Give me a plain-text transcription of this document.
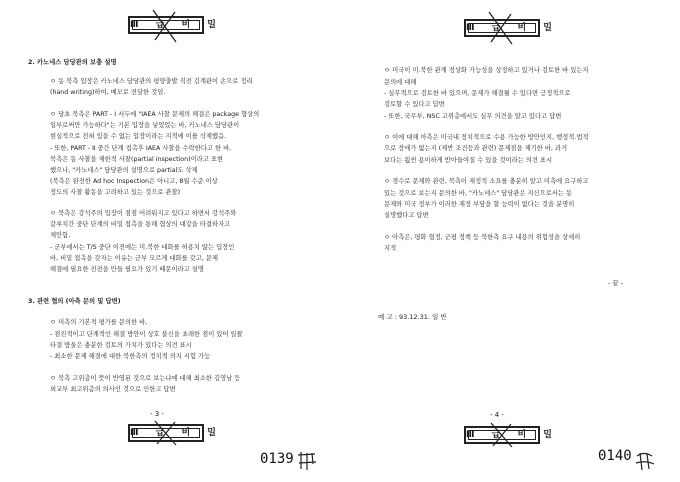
Ⅲ 급 비 밀
2. 카노네스 담당관의 보충 설명
ㅇ 동 북측 입장은 카노네스 담당관의 평양출발 직전 김계관이 손으로 정리
(hand writing)하여, 메모로 전달한 것임.
ㅇ 당초 북측은 PART - Ⅰ 서두에 "IAEA 사찰 문제의 해결은 package 협상의
일부로써만 가능하다"는 기본 입장을 넣었었는 바, 카노네스 담당관이
현실적으로 전혀 있을 수 없는 입장이라는 지적에 이를 삭제했음.
- 또한, PART - Ⅱ 중간 단계 접촉후 IAEA 사찰을 수락한다고 한 바,
북측은 동 사찰을 제한적 사찰(partial inspection)이라고 표현
했으나, "카노네스" 담당관의 설명으로 partial도 삭제
(북측은 완전한 Ad hoc Inspection은 아니고, 8월 수준 이상
정도의 사찰 활동을 고려하고 있는 것으로 관찰)
ㅇ 북측은 강석주의 입장이 점점 어려워지고 있다고 하면서 강석주와
갈루치간 중단 단계의 비밀 접촉을 통해 협상의 대강을 타결하자고
제안함.
- 군부에서는 T/S 중단 이전에는 미.북한 대화를 허용치 않는 입장인
바, 비밀 접촉을 갖자는 이유는 군부 모르게 대화를 갖고, 문제
해결에 필요한 진전을 만들 필요가 있기 때문이라고 설명
3. 관련 협의 (아측 문의 및 답변)
ㅇ 미측의 기본적 평가를 문의한 바,
- 점진적이고 단계적인 해결 방안이 상호 불신을 초래한 점이 있어 일괄
타결 방울은 충분한 검토의 가치가 있다는 의견 표시
- 최소한 문제 해결에 대한 북한측의 정치적 의지 시험 가능
ㅇ 북측 고위층이 뜻이 반영된 것으로 보는냐에 대해 최소한 김영남 등
외교부 최고위층의 의사인 것으로 인한고 답변
- 3 -
Ⅲ 급 비 밀
0139
Ⅲ 급 비 밀
ㅇ 미국이 미.북한 관계 정상화 가능성을 상정하고 있거나 검토한 바 있는지
문의에 대해
- 실무적으로 검토한 바 있으며, 문제가 해결될 수 있다면 긍정적으로
검토할 수 있다고 답변
- 또한, 국무부, NSC 고위층에서도 실무 의견을 알고 있다고 답변
ㅇ 이에 대해 아측은 미국내 정치적으로 수용 가능한 방안인지, 행정적.법적
으로 장애가 없는지 (제반 조건등과 관련) 문제점을 제기한 바, 과거
보다는 훨씬 용이하게 받아들여질 수 있을 것이라는 의견 표시
ㅇ 경수로 문제와 관련, 북측이 재정적 소요를 충분히 알고 미측에 요구하고
있는 것으로 보는지 문의한 바, "카노네스" 담당관은 지신으로서는 동
문제와 미국 정부가 이러한 재정 부담을 할 능력이 없다는 것을 분명히
설명했다고 답변
ㅇ 아측은, 평화 협정, 군평 정책 등 북한측 요구 내용의 위험성을 상세히
지적
- 끝 -
예 고 : 93.12.31. 일 반
- 4 -
Ⅲ 급 비 밀
0140
